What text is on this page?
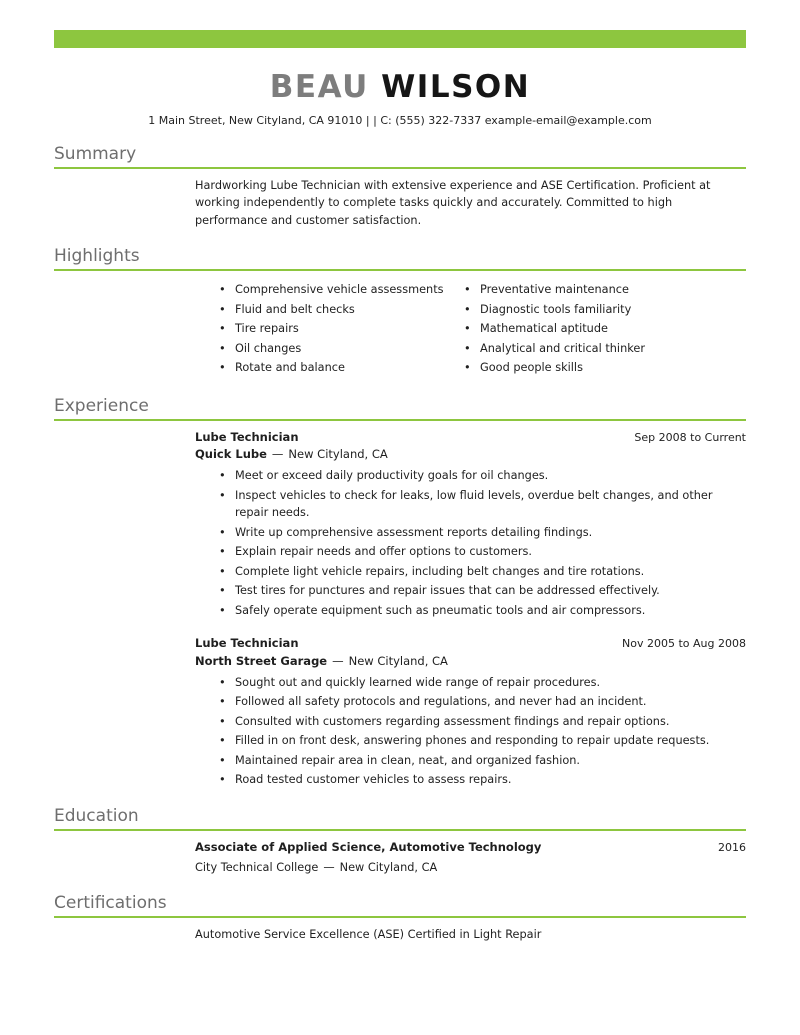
BEAU WILSON
1 Main Street, New Cityland, CA 91010 | | C: (555) 322-7337 example-email@example.com
Summary

Hardworking Lube Technician with extensive experience and ASE Certification. Proficient at working independently to complete tasks quickly and accurately. Committed to high performance and customer satisfaction.

Highlights
• Comprehensive vehicle assessments
• Fluid and belt checks
• Tire repairs
• Oil changes
• Rotate and balance
• Preventative maintenance
• Diagnostic tools familiarity
• Mathematical aptitude
• Analytical and critical thinker
• Good people skills
Experience
Lube Technician	Sep 2008 to Current
Quick Lube — New Cityland, CA
• Meet or exceed daily productivity goals for oil changes.
• Inspect vehicles to check for leaks, low fluid levels, overdue belt changes, and other repair needs.
• Write up comprehensive assessment reports detailing findings.
• Explain repair needs and offer options to customers.
• Complete light vehicle repairs, including belt changes and tire rotations.
• Test tires for punctures and repair issues that can be addressed effectively.
• Safely operate equipment such as pneumatic tools and air compressors.
Lube Technician	Nov 2005 to Aug 2008
North Street Garage — New Cityland, CA
• Sought out and quickly learned wide range of repair procedures.
• Followed all safety protocols and regulations, and never had an incident.
• Consulted with customers regarding assessment findings and repair options.
• Filled in on front desk, answering phones and responding to repair update requests.
• Maintained repair area in clean, neat, and organized fashion.
• Road tested customer vehicles to assess repairs.
Education
Associate of Applied Science, Automotive Technology	2016
City Technical College — New Cityland, CA
Certifications

Automotive Service Excellence (ASE) Certified in Light Repair
